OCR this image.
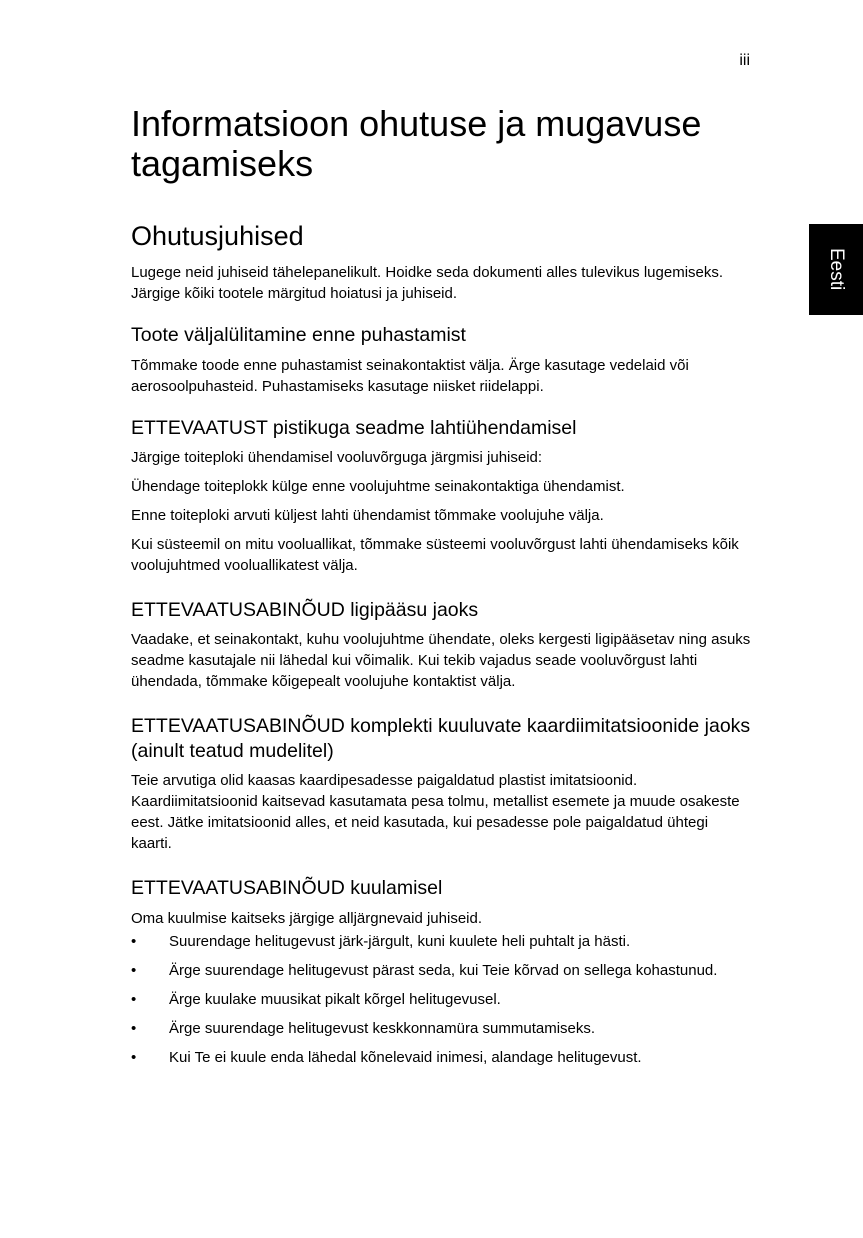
iii
Eesti
Informatsioon ohutuse ja mugavuse tagamiseks
Ohutusjuhised

Lugege neid juhiseid tähelepanelikult. Hoidke seda dokumenti alles tulevikus lugemiseks. Järgige kõiki tootele märgitud hoiatusi ja juhiseid.

Toote väljalülitamine enne puhastamist

Tõmmake toode enne puhastamist seinakontaktist välja. Ärge kasutage vedelaid või aerosoolpuhasteid. Puhastamiseks kasutage niisket riidelappi.

ETTEVAATUST pistikuga seadme lahtiühendamisel

Järgige toiteploki ühendamisel vooluvõrguga järgmisi juhiseid:

Ühendage toiteplokk külge enne voolujuhtme seinakontaktiga ühendamist.

Enne toiteploki arvuti küljest lahti ühendamist tõmmake voolujuhe välja.

Kui süsteemil on mitu vooluallikat, tõmmake süsteemi vooluvõrgust lahti ühendamiseks kõik voolujuhtmed vooluallikatest välja.

ETTEVAATUSABINÕUD ligipääsu jaoks

Vaadake, et seinakontakt, kuhu voolujuhtme ühendate, oleks kergesti ligipääsetav ning asuks seadme kasutajale nii lähedal kui võimalik. Kui tekib vajadus seade vooluvõrgust lahti ühendada, tõmmake kõigepealt voolujuhe kontaktist välja.

ETTEVAATUSABINÕUD komplekti kuuluvate kaardiimitatsioonide jaoks (ainult teatud mudelitel)

Teie arvutiga olid kaasas kaardipesadesse paigaldatud plastist imitatsioonid. Kaardiimitatsioonid kaitsevad kasutamata pesa tolmu, metallist esemete ja muude osakeste eest. Jätke imitatsioonid alles, et neid kasutada, kui pesadesse pole paigaldatud ühtegi kaarti.

ETTEVAATUSABINÕUD kuulamisel

Oma kuulmise kaitseks järgige alljärgnevaid juhiseid.

• Suurendage helitugevust järk-järgult, kuni kuulete heli puhtalt ja hästi.
• Ärge suurendage helitugevust pärast seda, kui Teie kõrvad on sellega kohastunud.
• Ärge kuulake muusikat pikalt kõrgel helitugevusel.
• Ärge suurendage helitugevust keskkonnamüra summutamiseks.
• Kui Te ei kuule enda lähedal kõnelevaid inimesi, alandage helitugevust.
